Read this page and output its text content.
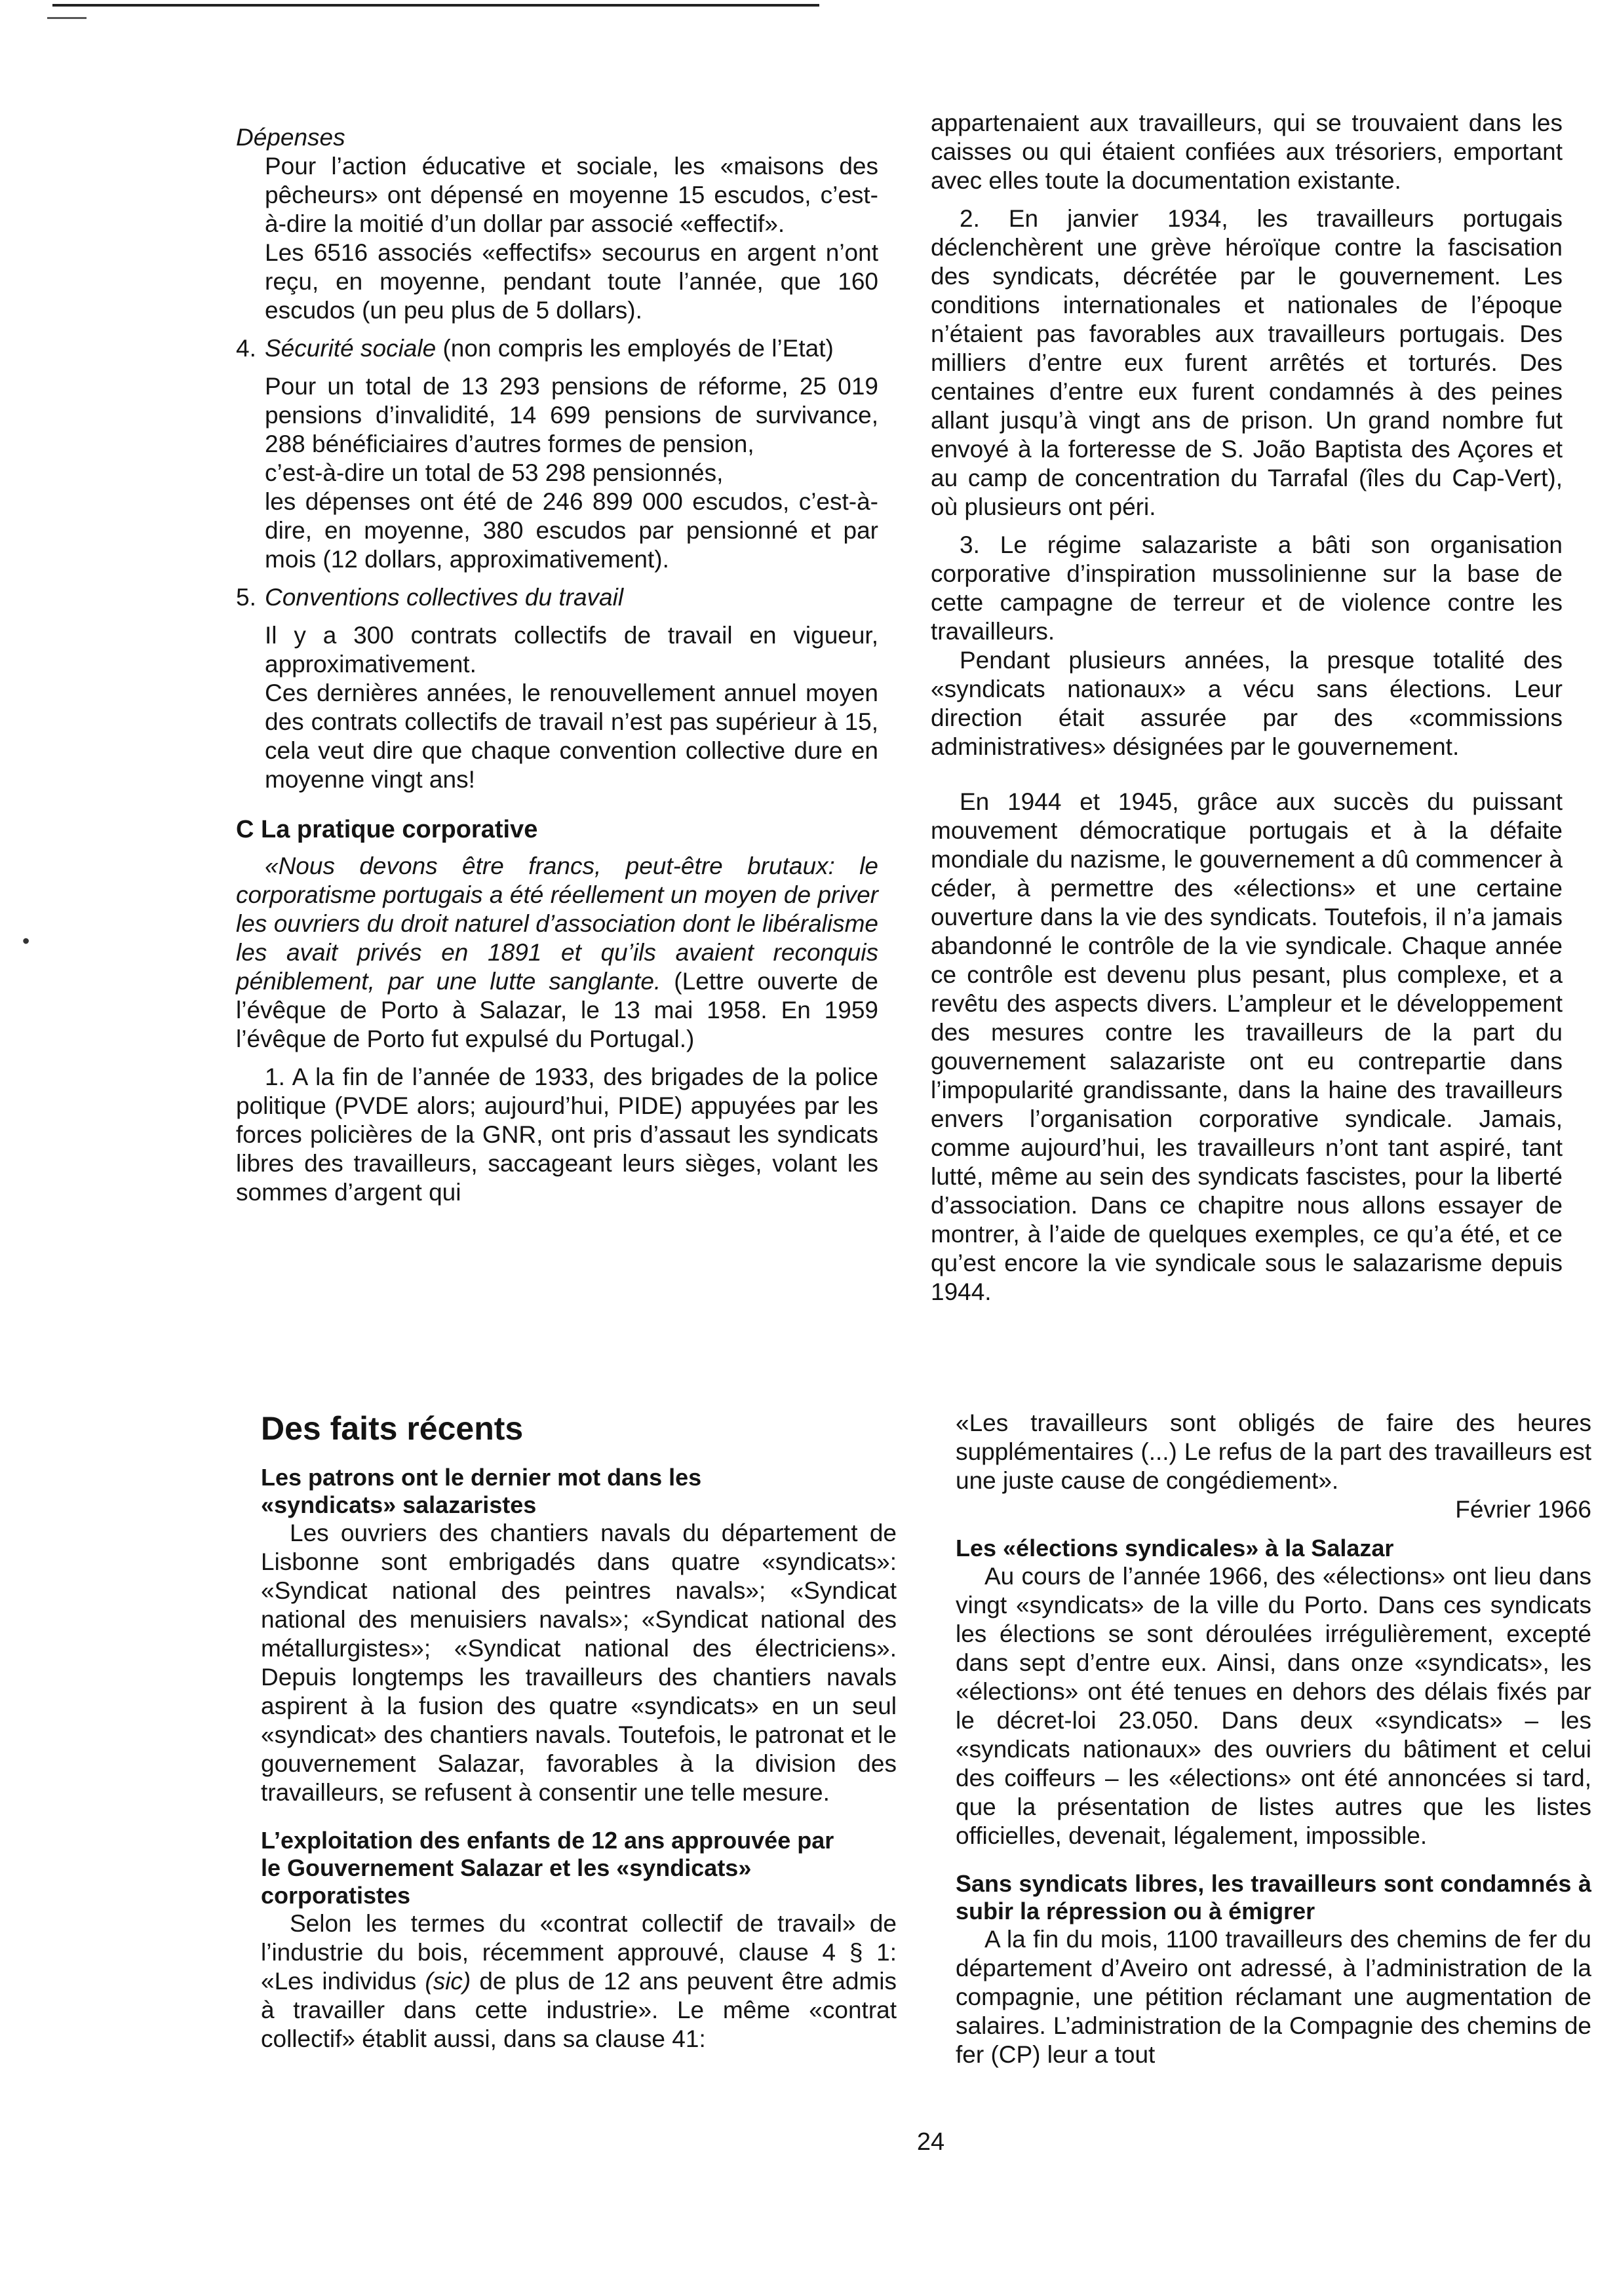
•

Dépenses

Pour l’action éducative et sociale, les «maisons des pêcheurs» ont dépensé en moyenne 15 escudos, c’est-à-dire la moitié d’un dollar par associé «effectif».

Les 6516 associés «effectifs» secourus en argent n’ont reçu, en moyenne, pendant toute l’année, que 160 escudos (un peu plus de 5 dollars).

4. Sécurité sociale (non compris les employés de l’Etat)

Pour un total de 13 293 pensions de réforme, 25 019 pensions d’invalidité, 14 699 pensions de survivance, 288 bénéficiaires d’autres formes de pension,

c’est-à-dire un total de 53 298 pensionnés,

les dépenses ont été de 246 899 000 escudos, c’est-à-dire, en moyenne, 380 escudos par pensionné et par mois (12 dollars, approximativement).

5. Conventions collectives du travail

Il y a 300 contrats collectifs de travail en vigueur, approximativement.

Ces dernières années, le renouvellement annuel moyen des contrats collectifs de travail n’est pas supérieur à 15, cela veut dire que chaque convention collective dure en moyenne vingt ans!

C La pratique corporative

«Nous devons être francs, peut-être brutaux: le corporatisme portugais a été réellement un moyen de priver les ouvriers du droit naturel d’association dont le libéralisme les avait privés en 1891 et qu’ils avaient reconquis péniblement, par une lutte sanglante. (Lettre ouverte de l’évêque de Porto à Salazar, le 13 mai 1958. En 1959 l’évêque de Porto fut expulsé du Portugal.)

1. A la fin de l’année de 1933, des brigades de la police politique (PVDE alors; aujourd’hui, PIDE) appuyées par les forces policières de la GNR, ont pris d’assaut les syndicats libres des travailleurs, saccageant leurs sièges, volant les sommes d’argent qui

appartenaient aux travailleurs, qui se trouvaient dans les caisses ou qui étaient confiées aux trésoriers, emportant avec elles toute la documentation existante.

2. En janvier 1934, les travailleurs portugais déclenchèrent une grève héroïque contre la fascisation des syndicats, décrétée par le gouvernement. Les conditions internationales et nationales de l’époque n’étaient pas favorables aux travailleurs portugais. Des milliers d’entre eux furent arrêtés et torturés. Des centaines d’entre eux furent condamnés à des peines allant jusqu’à vingt ans de prison. Un grand nombre fut envoyé à la forteresse de S. João Baptista des Açores et au camp de concentration du Tarrafal (îles du Cap-Vert), où plusieurs ont péri.

3. Le régime salazariste a bâti son organisation corporative d’inspiration mussolinienne sur la base de cette campagne de terreur et de violence contre les travailleurs.

Pendant plusieurs années, la presque totalité des «syndicats nationaux» a vécu sans élections. Leur direction était assurée par des «commissions administratives» désignées par le gouvernement.

En 1944 et 1945, grâce aux succès du puissant mouvement démocratique portugais et à la défaite mondiale du nazisme, le gouvernement a dû commencer à céder, à permettre des «élections» et une certaine ouverture dans la vie des syndicats. Toutefois, il n’a jamais abandonné le contrôle de la vie syndicale. Chaque année ce contrôle est devenu plus pesant, plus complexe, et a revêtu des aspects divers. L’ampleur et le développement des mesures contre les travailleurs de la part du gouvernement salazariste ont eu contrepartie dans l’impopularité grandissante, dans la haine des travailleurs envers l’organisation corporative syndicale. Jamais, comme aujourd’hui, les travailleurs n’ont tant aspiré, tant lutté, même au sein des syndicats fascistes, pour la liberté d’association. Dans ce chapitre nous allons essayer de montrer, à l’aide de quelques exemples, ce qu’a été, et ce qu’est encore la vie syndicale sous le salazarisme depuis 1944.

Des faits récents

Les patrons ont le dernier mot dans les «syndicats» salazaristes

Les ouvriers des chantiers navals du département de Lisbonne sont embrigadés dans quatre «syndicats»: «Syndicat national des peintres navals»; «Syndicat national des menuisiers navals»; «Syndicat national des métallurgistes»; «Syndicat national des électriciens». Depuis longtemps les travailleurs des chantiers navals aspirent à la fusion des quatre «syndicats» en un seul «syndicat» des chantiers navals. Toutefois, le patronat et le gouvernement Salazar, favorables à la division des travailleurs, se refusent à consentir une telle mesure.

L’exploitation des enfants de 12 ans approuvée par le Gouvernement Salazar et les «syndicats» corporatistes

Selon les termes du «contrat collectif de travail» de l’industrie du bois, récemment approuvé, clause 4 § 1: «Les individus (sic) de plus de 12 ans peuvent être admis à travailler dans cette industrie». Le même «contrat collectif» établit aussi, dans sa clause 41:

«Les travailleurs sont obligés de faire des heures supplémentaires (...) Le refus de la part des travailleurs est une juste cause de congédiement».

Février 1966

Les «élections syndicales» à la Salazar

Au cours de l’année 1966, des «élections» ont lieu dans vingt «syndicats» de la ville du Porto. Dans ces syndicats les élections se sont déroulées irrégulièrement, excepté dans sept d’entre eux. Ainsi, dans onze «syndicats», les «élections» ont été tenues en dehors des délais fixés par le décret-loi 23.050. Dans deux «syndicats» – les «syndicats nationaux» des ouvriers du bâtiment et celui des coiffeurs – les «élections» ont été annoncées si tard, que la présentation de listes autres que les listes officielles, devenait, légalement, impossible.

Sans syndicats libres, les travailleurs sont condamnés à subir la répression ou à émigrer

A la fin du mois, 1100 travailleurs des chemins de fer du département d’Aveiro ont adressé, à l’administration de la compagnie, une pétition réclamant une augmentation de salaires. L’administration de la Compagnie des chemins de fer (CP) leur a tout

24
